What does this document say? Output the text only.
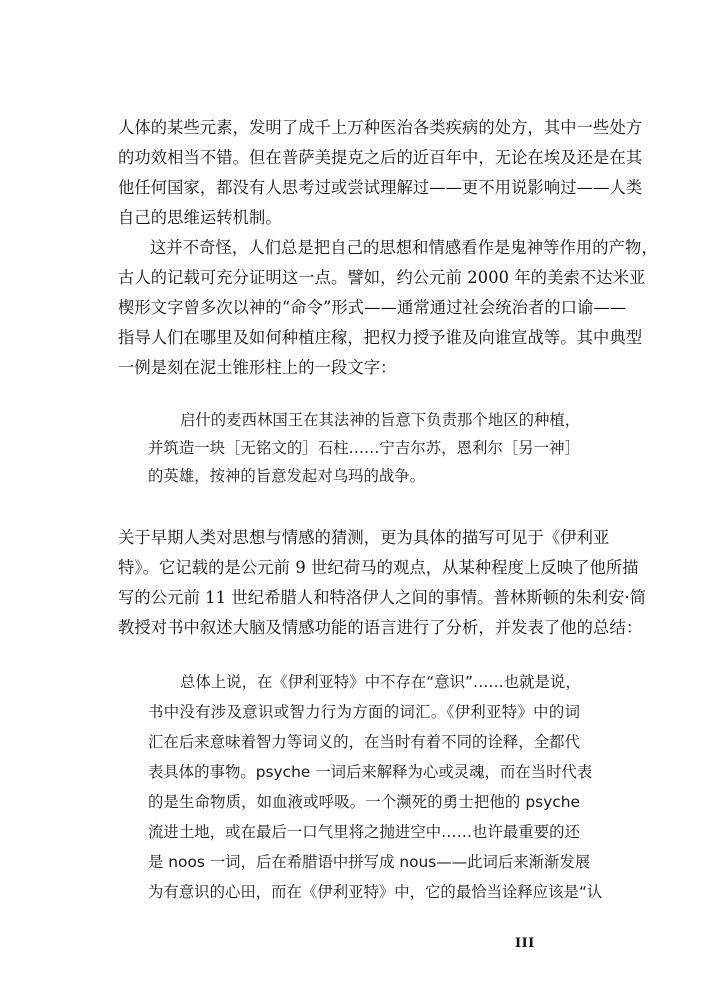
人体的某些元素，发明了成千上万种医治各类疾病的处方，其中一些处方
的功效相当不错。但在普萨美提克之后的近百年中，无论在埃及还是在其
他任何国家，都没有人思考过或尝试理解过——更不用说影响过——人类
自己的思维运转机制。
这并不奇怪，人们总是把自己的思想和情感看作是鬼神等作用的产物，
古人的记载可充分证明这一点。譬如，约公元前 2000 年的美索不达米亚
楔形文字曾多次以神的“命令”形式——通常通过社会统治者的口谕——
指导人们在哪里及如何种植庄稼，把权力授予谁及向谁宣战等。其中典型
一例是刻在泥土锥形柱上的一段文字：
启什的麦西林国王在其法神的旨意下负责那个地区的种植，
并筑造一块［无铭文的］石柱……宁吉尔苏，恩利尔［另一神］
的英雄，按神的旨意发起对乌玛的战争。
关于早期人类对思想与情感的猜测，更为具体的描写可见于《伊利亚
特》。它记载的是公元前 9 世纪荷马的观点，从某种程度上反映了他所描
写的公元前 11 世纪希腊人和特洛伊人之间的事情。普林斯顿的朱利安·简
教授对书中叙述大脑及情感功能的语言进行了分析，并发表了他的总结：
总体上说，在《伊利亚特》中不存在“意识”……也就是说，
书中没有涉及意识或智力行为方面的词汇。《伊利亚特》中的词
汇在后来意味着智力等词义的，在当时有着不同的诠释，全都代
表具体的事物。psyche 一词后来解释为心或灵魂，而在当时代表
的是生命物质，如血液或呼吸。一个濒死的勇士把他的 psyche
流进土地，或在最后一口气里将之抛进空中……也许最重要的还
是 noos 一词，后在希腊语中拼写成 nous——此词后来渐渐发展
为有意识的心田，而在《伊利亚特》中，它的最恰当诠释应该是“认
III
